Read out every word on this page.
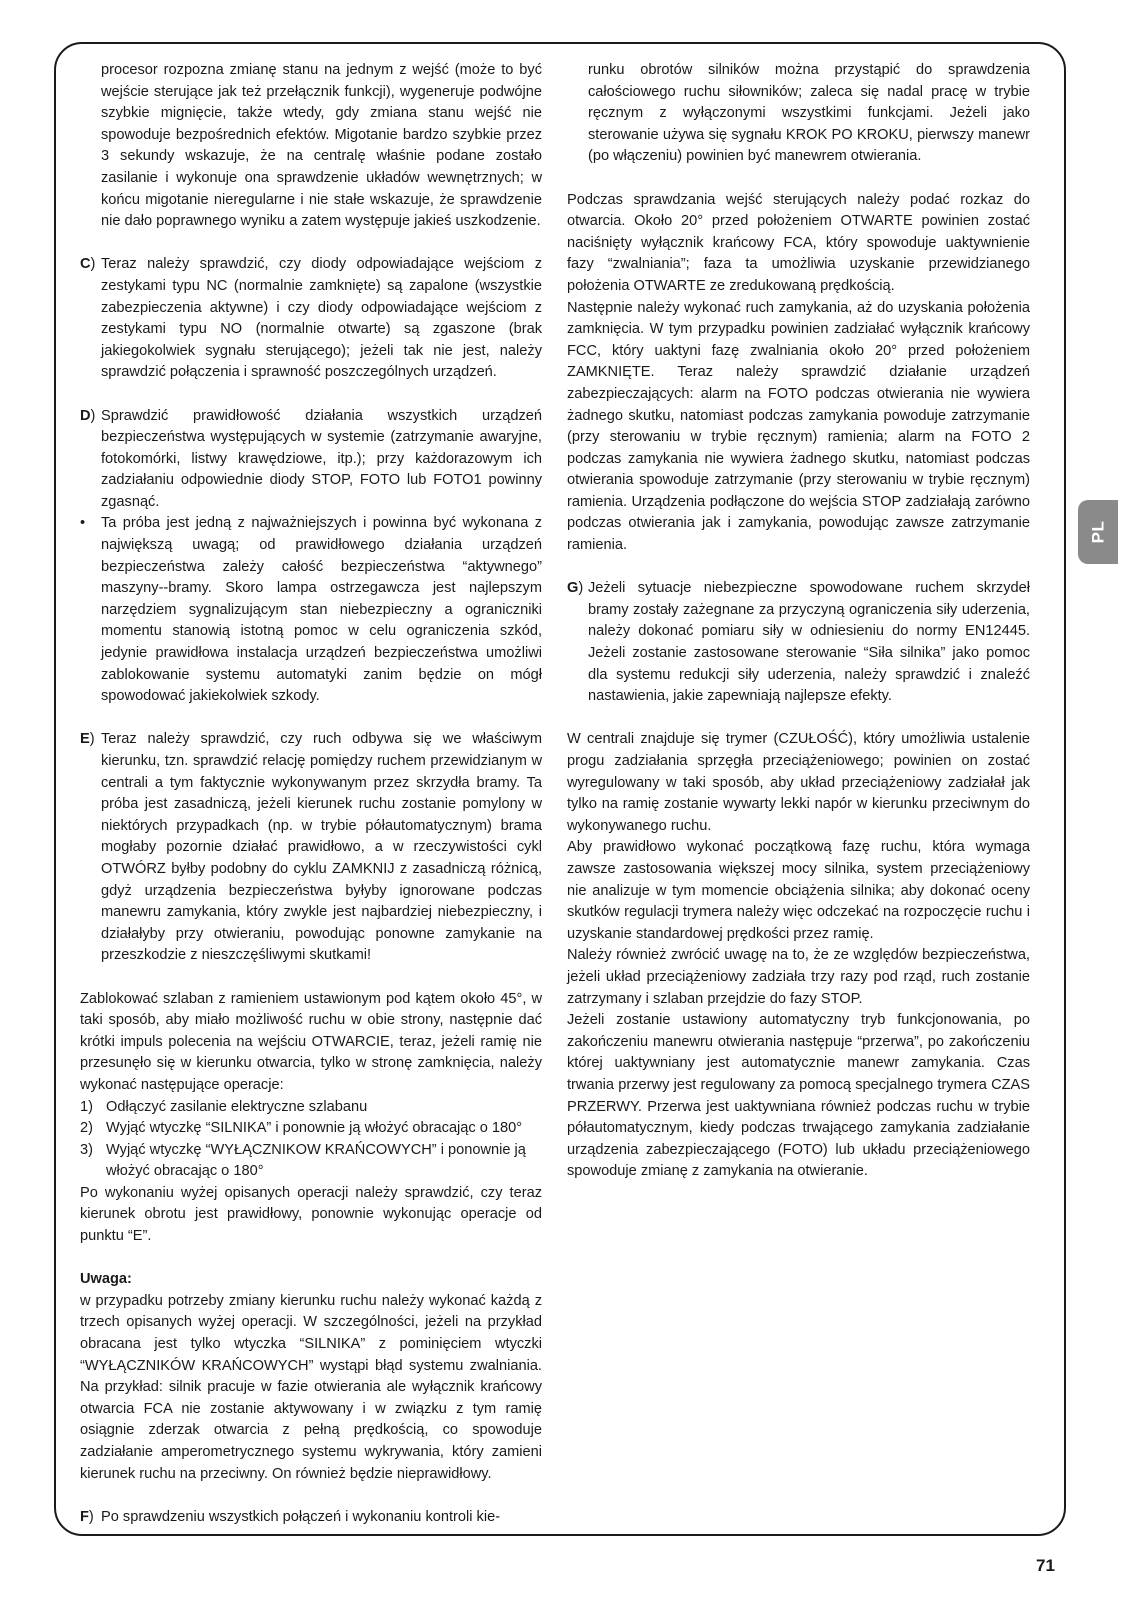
procesor rozpozna zmianę stanu na jednym z wejść (może to być wejście sterujące jak też przełącznik funkcji), wygeneruje podwójne szybkie mignięcie, także wtedy, gdy zmiana stanu wejść nie spowoduje bezpośrednich efektów. Migotanie bardzo szybkie przez 3 sekundy wskazuje, że na centralę właśnie podane zostało zasilanie i wykonuje ona sprawdzenie układów wewnętrznych; w końcu migotanie nieregularne i nie stałe wskazuje, że sprawdzenie nie dało poprawnego wyniku a zatem występuje jakieś uszkodzenie.
C) Teraz należy sprawdzić, czy diody odpowiadające wejściom z zestykami typu NC (normalnie zamknięte) są zapalone (wszystkie zabezpieczenia aktywne) i czy diody odpowiadające wejściom z zestykami typu NO (normalnie otwarte) są zgaszone (brak jakiegokolwiek sygnału sterującego); jeżeli tak nie jest, należy sprawdzić połączenia i sprawność poszczególnych urządzeń.
D) Sprawdzić prawidłowość działania wszystkich urządzeń bezpieczeństwa występujących w systemie (zatrzymanie awaryjne, fotokomórki, listwy krawędziowe, itp.); przy każdorazowym ich zadziałaniu odpowiednie diody STOP, FOTO lub FOTO1 powinny zgasnąć.
• Ta próba jest jedną z najważniejszych i powinna być wykonana z największą uwagą; od prawidłowego działania urządzeń bezpieczeństwa zależy całość bezpieczeństwa “aktywnego” maszyny--bramy. Skoro lampa ostrzegawcza jest najlepszym narzędziem sygnalizującym stan niebezpieczny a ograniczniki momentu stanowią istotną pomoc w celu ograniczenia szkód, jedynie prawidłowa instalacja urządzeń bezpieczeństwa umożliwi zablokowanie systemu automatyki zanim będzie on mógł spowodować jakiekolwiek szkody.
E) Teraz należy sprawdzić, czy ruch odbywa się we właściwym kierunku, tzn. sprawdzić relację pomiędzy ruchem przewidzianym w centrali a tym faktycznie wykonywanym przez skrzydła bramy. Ta próba jest zasadniczą, jeżeli kierunek ruchu zostanie pomylony w niektórych przypadkach (np. w trybie półautomatycznym) brama mogłaby pozornie działać prawidłowo, a w rzeczywistości cykl OTWÓRZ byłby podobny do cyklu ZAMKNIJ z zasadniczą różnicą, gdyż urządzenia bezpieczeństwa byłyby ignorowane podczas manewru zamykania, który zwykle jest najbardziej niebezpieczny, i działałyby przy otwieraniu, powodując ponowne zamykanie na przeszkodzie z nieszczęśliwymi skutkami!
Zablokować szlaban z ramieniem ustawionym pod kątem około 45°, w taki sposób, aby miało możliwość ruchu w obie strony, następnie dać krótki impuls polecenia na wejściu OTWARCIE, teraz, jeżeli ramię nie przesunęło się w kierunku otwarcia, tylko w stronę zamknięcia, należy wykonać następujące operacje:
1) Odłączyć zasilanie elektryczne szlabanu
2) Wyjąć wtyczkę “SILNIKA” i ponownie ją włożyć obracając o 180°
3) Wyjąć wtyczkę “WYŁĄCZNIKOW KRAŃCOWYCH” i ponownie ją włożyć obracając o 180°
Po wykonaniu wyżej opisanych operacji należy sprawdzić, czy teraz kierunek obrotu jest prawidłowy, ponownie wykonując operacje od punktu “E”.
Uwaga:
w przypadku potrzeby zmiany kierunku ruchu należy wykonać każdą z trzech opisanych wyżej operacji. W szczególności, jeżeli na przykład obracana jest tylko wtyczka “SILNIKA” z pominięciem wtyczki “WYŁĄCZNIKÓW KRAŃCOWYCH” wystąpi błąd systemu zwalniania. Na przykład: silnik pracuje w fazie otwierania ale wyłącznik krańcowy otwarcia FCA nie zostanie aktywowany i w związku z tym ramię osiągnie zderzak otwarcia z pełną prędkością, co spowoduje zadziałanie amperometrycznego systemu wykrywania, który zamieni kierunek ruchu na przeciwny. On również będzie nieprawidłowy.
F) Po sprawdzeniu wszystkich połączeń i wykonaniu kontroli kie-
runku obrotów silników można przystąpić do sprawdzenia całościowego ruchu siłowników; zaleca się nadal pracę w trybie ręcznym z wyłączonymi wszystkimi funkcjami. Jeżeli jako sterowanie używa się sygnału KROK PO KROKU, pierwszy manewr (po włączeniu) powinien być manewrem otwierania.
Podczas sprawdzania wejść sterujących należy podać rozkaz do otwarcia. Około 20° przed położeniem OTWARTE powinien zostać naciśnięty wyłącznik krańcowy FCA, który spowoduje uaktywnienie fazy “zwalniania”; faza ta umożliwia uzyskanie przewidzianego położenia OTWARTE ze zredukowaną prędkością.
Następnie należy wykonać ruch zamykania, aż do uzyskania położenia zamknięcia. W tym przypadku powinien zadziałać wyłącznik krańcowy FCC, który uaktyni fazę zwalniania około 20° przed położeniem ZAMKNIĘTE. Teraz należy sprawdzić działanie urządzeń zabezpieczających: alarm na FOTO podczas otwierania nie wywiera żadnego skutku, natomiast podczas zamykania powoduje zatrzymanie (przy sterowaniu w trybie ręcznym) ramienia; alarm na FOTO 2 podczas zamykania nie wywiera żadnego skutku, natomiast podczas otwierania spowoduje zatrzymanie (przy sterowaniu w trybie ręcznym) ramienia. Urządzenia podłączone do wejścia STOP zadziałają zarówno podczas otwierania jak i zamykania, powodując zawsze zatrzymanie ramienia.
G) Jeżeli sytuacje niebezpieczne spowodowane ruchem skrzydeł bramy zostały zażegnane za przyczyną ograniczenia siły uderzenia, należy dokonać pomiaru siły w odniesieniu do normy EN12445. Jeżeli zostanie zastosowane sterowanie “Siła silnika” jako pomoc dla systemu redukcji siły uderzenia, należy sprawdzić i znaleźć nastawienia, jakie zapewniają najlepsze efekty.
W centrali znajduje się trymer (CZUŁOŚĆ), który umożliwia ustalenie progu zadziałania sprzęgła przeciążeniowego; powinien on zostać wyregulowany w taki sposób, aby układ przeciążeniowy zadziałał jak tylko na ramię zostanie wywarty lekki napór w kierunku przeciwnym do wykonywanego ruchu.
Aby prawidłowo wykonać początkową fazę ruchu, która wymaga zawsze zastosowania większej mocy silnika, system przeciążeniowy nie analizuje w tym momencie obciążenia silnika; aby dokonać oceny skutków regulacji trymera należy więc odczekać na rozpoczęcie ruchu i uzyskanie standardowej prędkości przez ramię.
Należy również zwrócić uwagę na to, że ze względów bezpieczeństwa, jeżeli układ przeciążeniowy zadziała trzy razy pod rząd, ruch zostanie zatrzymany i szlaban przejdzie do fazy STOP.
Jeżeli zostanie ustawiony automatyczny tryb funkcjonowania, po zakończeniu manewru otwierania następuje “przerwa”, po zakończeniu której uaktywniany jest automatycznie manewr zamykania. Czas trwania przerwy jest regulowany za pomocą specjalnego trymera CZAS PRZERWY. Przerwa jest uaktywniana również podczas ruchu w trybie półautomatycznym, kiedy podczas trwającego zamykania zadziałanie urządzenia zabezpieczającego (FOTO) lub układu przeciążeniowego spowoduje zmianę z zamykania na otwieranie.
PL
71
